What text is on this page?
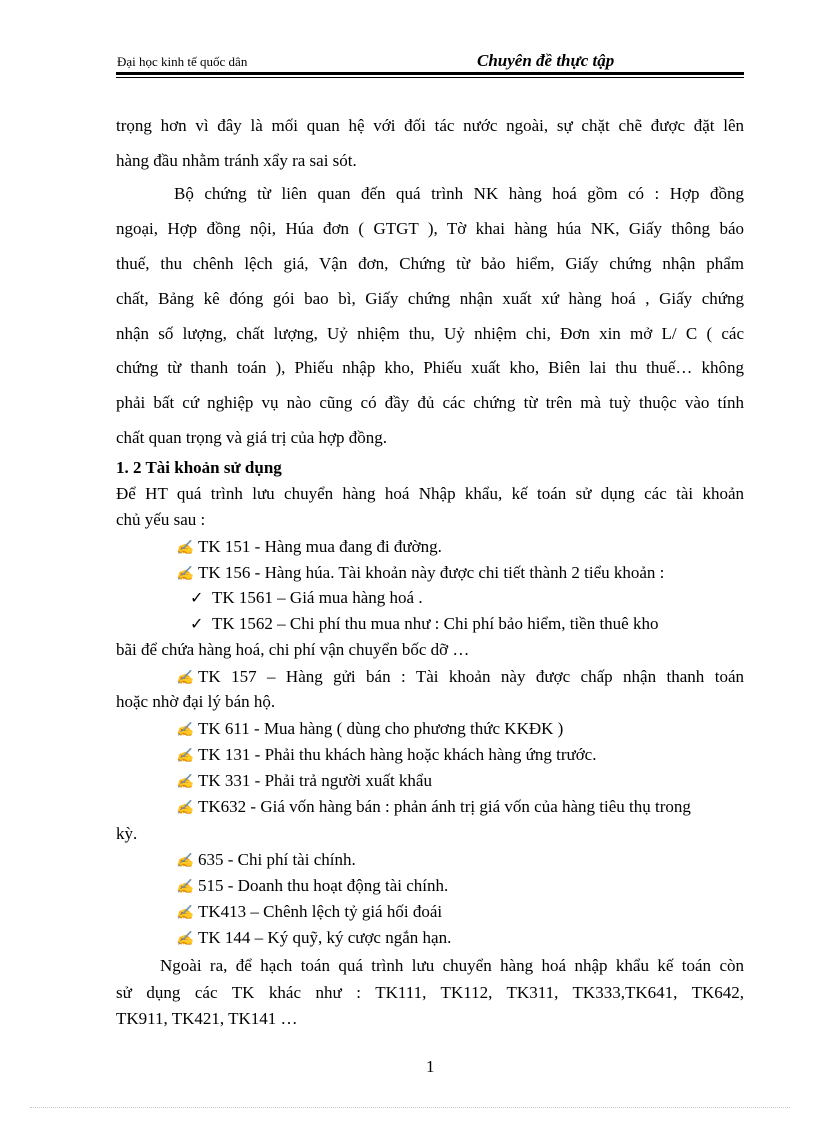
Đại học kinh tế quốc dân	Chuyên đề thực tập
trọng hơn vì đây là mối quan hệ với đối tác nước ngoài, sự chặt chẽ được đặt lên
hàng đầu nhằm tránh xẩy ra sai sót.
Bộ chứng từ liên quan đến quá trình NK hàng hoá gồm có : Hợp đồng
ngoại, Hợp đồng nội, Húa đơn ( GTGT ), Tờ khai hàng húa NK, Giấy thông báo
thuế, thu chênh lệch giá, Vận đơn, Chứng từ bảo hiểm, Giấy chứng nhận phẩm
chất, Bảng kê đóng gói bao bì, Giấy chứng nhận xuất xứ hàng hoá , Giấy chứng
nhận số lượng, chất lượng, Uỷ nhiệm thu, Uỷ nhiệm chi, Đơn xin mở L/ C ( các
chứng từ thanh toán ), Phiếu nhập kho, Phiếu xuất kho, Biên lai thu thuế… không
phải bất cứ nghiệp vụ nào cũng có đầy đủ các chứng từ trên mà tuỳ thuộc vào tính
chất quan trọng và giá trị của hợp đồng.
1. 2 Tài khoản sử dụng
Để HT quá trình lưu chuyển hàng hoá Nhập khẩu, kế toán sử dụng các tài khoản
chủ yếu sau :
✍ TK 151 - Hàng mua đang đi đường.
✍ TK 156 - Hàng húa. Tài khoản này được chi tiết thành 2 tiểu khoản :
✓ TK 1561 – Giá mua hàng hoá .
✓ TK 1562 – Chi phí thu mua như : Chi phí bảo hiểm, tiền thuê kho
bãi để chứa hàng hoá, chi phí vận chuyển bốc dỡ …
✍ TK 157 – Hàng gửi bán : Tài khoản này được chấp nhận thanh toán
hoặc nhờ đại lý bán hộ.
✍ TK 611 - Mua hàng ( dùng cho phương thức KKĐK )
✍ TK 131 - Phải thu khách hàng hoặc khách hàng ứng trước.
✍ TK 331 - Phải trả người xuất khẩu
✍ TK632 - Giá vốn hàng bán : phản ánh trị giá vốn của hàng tiêu thụ trong
kỳ.
✍ 635 - Chi phí tài chính.
✍ 515 - Doanh thu hoạt động tài chính.
✍ TK413 – Chênh lệch tỷ giá hối đoái
✍ TK 144 – Ký quỹ, ký cược ngắn hạn.
Ngoài ra, để hạch toán quá trình lưu chuyển hàng hoá nhập khẩu kế toán còn
sử dụng các TK khác như : TK111, TK112, TK311, TK333,TK641, TK642,
TK911, TK421, TK141 …
1
